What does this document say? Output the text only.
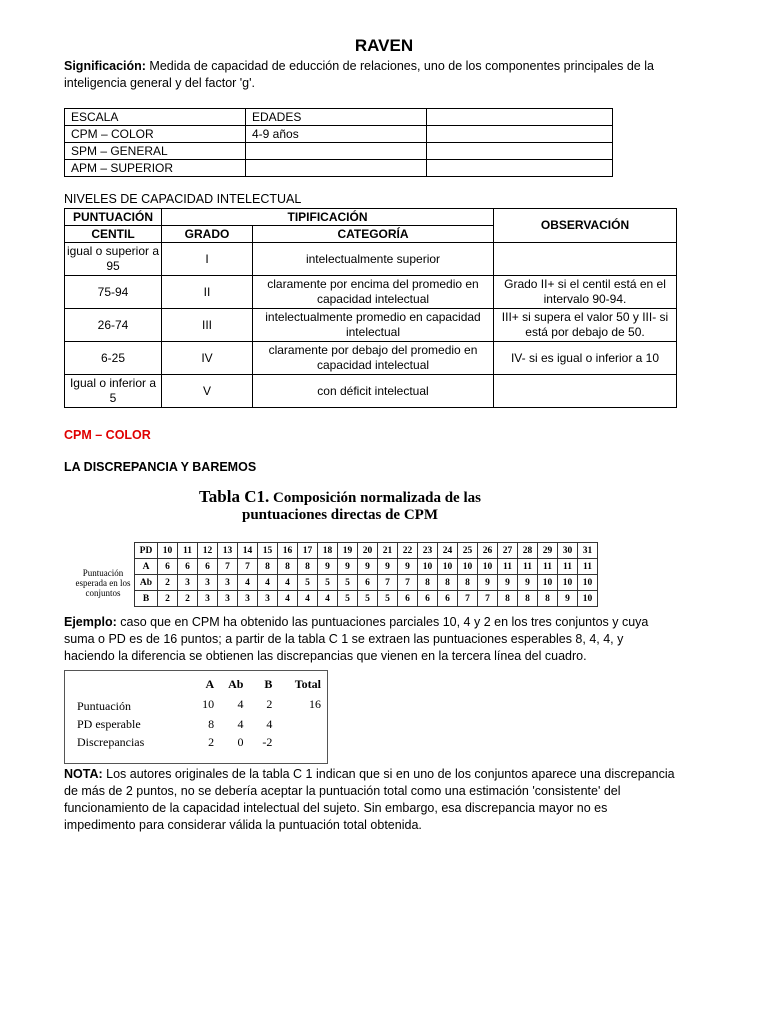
RAVEN
Significación: Medida de capacidad de educción de relaciones, uno de los componentes principales de la inteligencia general y del factor 'g'.
ESCALA	EDADES	
CPM – COLOR	4-9 años	
SPM – GENERAL		
APM – SUPERIOR		
NIVELES DE CAPACIDAD INTELECTUAL
PUNTUACIÓN	TIPIFICACIÓN		OBSERVACIÓN
CENTIL	GRADO	CATEGORÍA	
igual o superior a 95	I	intelectualmente superior	
75-94	II	claramente por encima del promedio en capacidad intelectual	Grado II+ si el centil está en el intervalo 90-94.
26-74	III	intelectualmente promedio en capacidad intelectual	III+ si supera el valor 50 y III- si está por debajo de 50.
6-25	IV	claramente por debajo del promedio en capacidad intelectual	IV- si es igual o inferior a 10
Igual o inferior a 5	V	con déficit intelectual	
CPM – COLOR
LA DISCREPANCIA Y BAREMOS
Tabla C1. Composición normalizada de las
puntuaciones directas de CPM
	PD	10	11	12	13	14	15	16	17	18	19	20	21	22	23	24	25	26	27	28	29	30	31
Puntuación esperada en los conjuntos	A	6	6	6	7	7	8	8	8	9	9	9	9	9	10	10	10	10	11	11	11	11	11
	Ab	2	3	3	3	4	4	4	5	5	5	6	7	7	8	8	8	9	9	9	10	10	10
	B	2	2	3	3	3	3	4	4	4	5	5	5	6	6	6	7	7	8	8	8	9	10
Ejemplo: caso que en CPM ha obtenido las puntuaciones parciales 10, 4 y 2 en los tres conjuntos y cuya suma o PD es de 16 puntos; a partir de la tabla C 1 se extraen las puntuaciones esperables 8, 4, 4, y haciendo la diferencia se obtienen las discrepancias que vienen en la tercera línea del cuadro.
	A	Ab	B	Total
Puntuación	10	4	2	16
PD esperable	8	4	4	
Discrepancias	2	0	-2	
NOTA: Los autores originales de la tabla C 1 indican que si en uno de los conjuntos aparece una discrepancia de más de 2 puntos, no se debería aceptar la puntuación total como una estimación 'consistente' del funcionamiento de la capacidad intelectual del sujeto. Sin embargo, esa discrepancia mayor no es impedimento para considerar válida la puntuación total obtenida.
